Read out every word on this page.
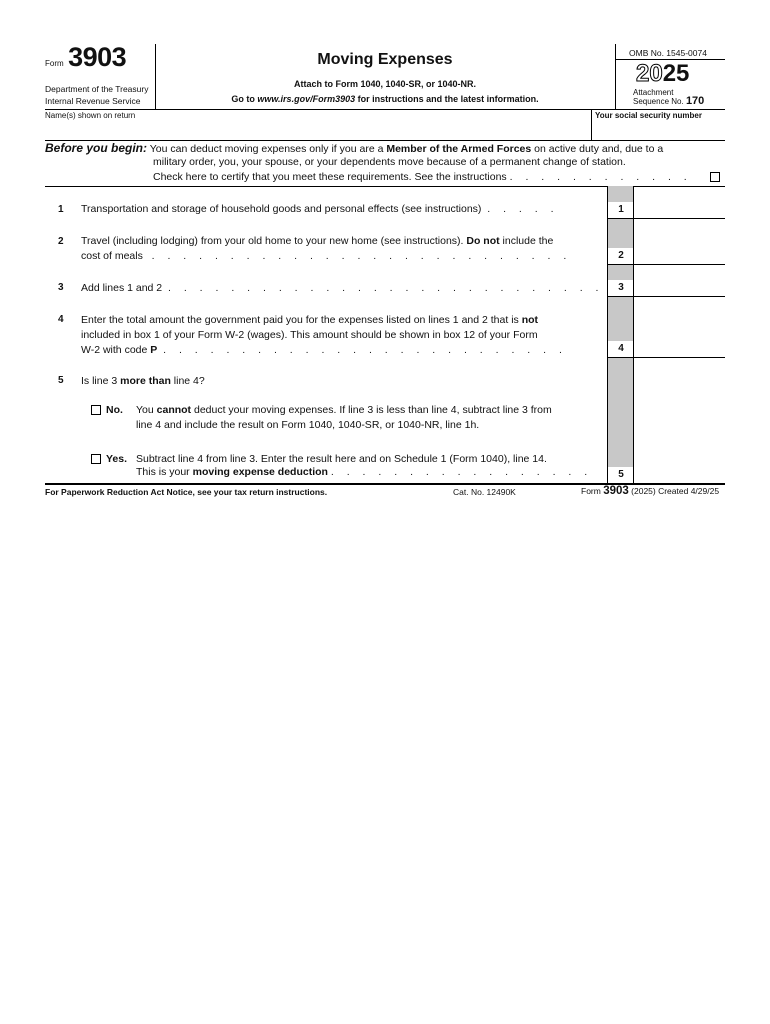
Form 3903
Department of the Treasury
Internal Revenue Service
Moving Expenses
Attach to Form 1040, 1040-SR, or 1040-NR.
Go to www.irs.gov/Form3903 for instructions and the latest information.
OMB No. 1545-0074
2025
Attachment
Sequence No. 170
Name(s) shown on return	Your social security number
Before you begin: You can deduct moving expenses only if you are a Member of the Armed Forces on active duty and, due to a
military order, you, your spouse, or your dependents move because of a permanent change of station.
Check here to certify that you meet these requirements. See the instructions . . . . . . . . . . . .
1
2
3
4
5
1 Transportation and storage of household goods and personal effects (see instructions) . . . . .
2 Travel (including lodging) from your old home to your new home (see instructions). Do not include the
cost of meals . . . . . . . . . . . . . . . . . . . . . . . . . . .
3 Add lines 1 and 2 . . . . . . . . . . . . . . . . . . . . . . . . . . . .
4 Enter the total amount the government paid you for the expenses listed on lines 1 and 2 that is not
included in box 1 of your Form W-2 (wages). This amount should be shown in box 12 of your Form
W-2 with code P . . . . . . . . . . . . . . . . . . . . . . . . . .
5 Is line 3 more than line 4?
No. You cannot deduct your moving expenses. If line 3 is less than line 4, subtract line 3 from
line 4 and include the result on Form 1040, 1040-SR, or 1040-NR, line 1h.
Yes. Subtract line 4 from line 3. Enter the result here and on Schedule 1 (Form 1040), line 14.
This is your moving expense deduction . . . . . . . . . . . . . . . . .
For Paperwork Reduction Act Notice, see your tax return instructions.	Cat. No. 12490K	Form 3903 (2025) Created 4/29/25
